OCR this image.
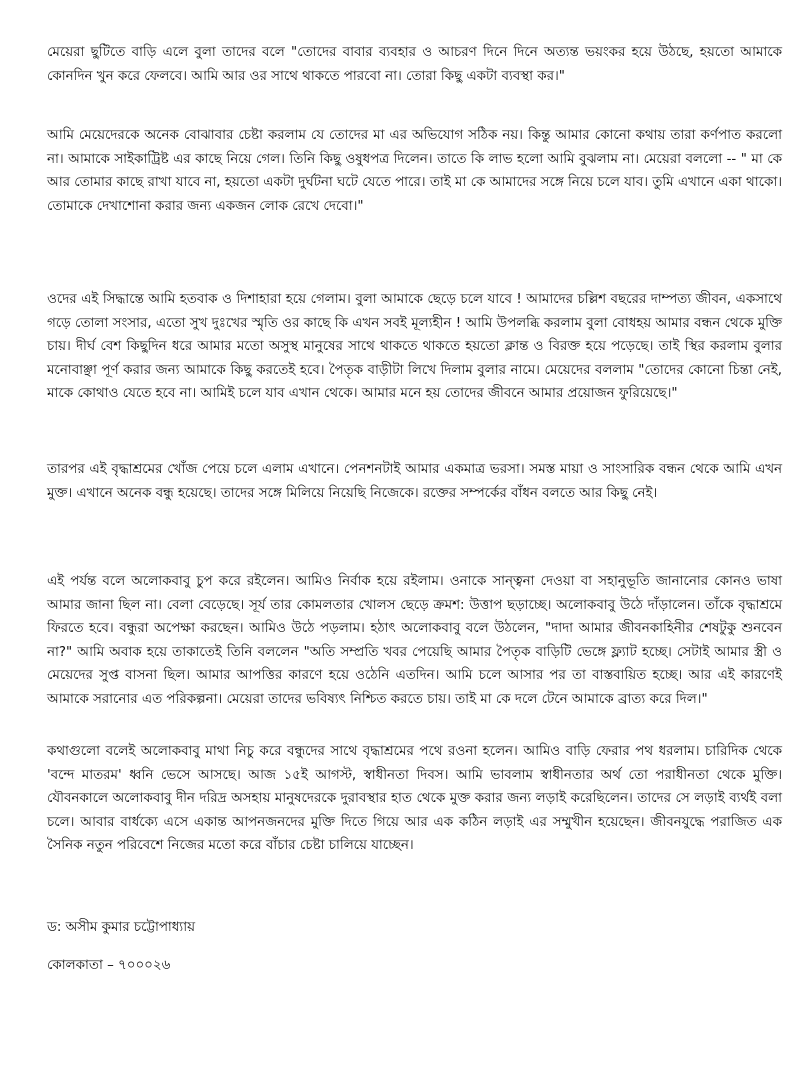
মেয়েরা ছুটিতে বাড়ি এলে বুলা তাদের বলে "তোদের বাবার ব্যবহার ও আচরণ দিনে দিনে অত্যন্ত ভয়ংকর হয়ে উঠছে, হয়তো আমাকে কোনদিন খুন করে ফেলবে। আমি আর ওর সাথে থাকতে পারবো না। তোরা কিছু একটা ব্যবস্থা কর।"

আমি মেয়েদেরকে অনেক বোঝাবার চেষ্টা করলাম যে তোদের মা এর অভিযোগ সঠিক নয়। কিন্তু আমার কোনো কথায় তারা কর্ণপাত করলো না। আমাকে সাইকাট্রিষ্ট এর কাছে নিয়ে গেল। তিনি কিছু ওষুধপত্র দিলেন। তাতে কি লাভ হলো আমি বুঝলাম না। মেয়েরা বললো -- " মা কে আর তোমার কাছে রাখা যাবে না, হয়তো একটা দুর্ঘটনা ঘটে যেতে পারে। তাই মা কে আমাদের সঙ্গে নিয়ে চলে যাব। তুমি এখানে একা থাকো। তোমাকে দেখাশোনা করার জন্য একজন লোক রেখে দেবো।"

ওদের এই সিদ্ধান্তে আমি হতবাক ও দিশাহারা হয়ে গেলাম। বুলা আমাকে ছেড়ে চলে যাবে ! আমাদের চল্লিশ বছরের দাম্পত্য জীবন, একসাথে গড়ে তোলা সংসার, এতো সুখ দুঃখের স্মৃতি ওর কাছে কি এখন সবই মূল্যহীন ! আমি উপলব্ধি করলাম বুলা বোধহয় আমার বন্ধন থেকে মুক্তি চায়। দীর্ঘ বেশ কিছুদিন ধরে আমার মতো অসুস্থ মানুষের সাথে থাকতে থাকতে হয়তো ক্লান্ত ও বিরক্ত হয়ে পড়েছে। তাই স্থির করলাম বুলার মনোবাঞ্ছা পূর্ণ করার জন্য আমাকে কিছু করতেই হবে। পৈতৃক বাড়ীটা লিখে দিলাম বুলার নামে। মেয়েদের বললাম "তোদের কোনো চিন্তা নেই, মাকে কোথাও যেতে হবে না। আমিই চলে যাব এখান থেকে। আমার মনে হয় তোদের জীবনে আমার প্রয়োজন ফুরিয়েছে।"

তারপর এই বৃদ্ধাশ্রমের খোঁজ পেয়ে চলে এলাম এখানে। পেনশনটাই আমার একমাত্র ভরসা। সমস্ত মায়া ও সাংসারিক বন্ধন থেকে আমি এখন মুক্ত। এখানে অনেক বন্ধু হয়েছে। তাদের সঙ্গে মিলিয়ে নিয়েছি নিজেকে। রক্তের সম্পর্কের বাঁধন বলতে আর কিছু নেই।

এই পর্যন্ত বলে অলোকবাবু চুপ করে রইলেন। আমিও নির্বাক হয়ে রইলাম। ওনাকে সান্ত্বনা দেওয়া বা সহানুভূতি জানানোর কোনও ভাষা আমার জানা ছিল না। বেলা বেড়েছে। সূর্য তার কোমলতার খোলস ছেড়ে ক্রমশ: উত্তাপ ছড়াচ্ছে। অলোকবাবু উঠে দাঁড়ালেন। তাঁকে বৃদ্ধাশ্রমে ফিরতে হবে। বন্ধুরা অপেক্ষা করছেন। আমিও উঠে পড়লাম। হঠাৎ অলোকবাবু বলে উঠলেন, "দাদা আমার জীবনকাহিনীর শেষটুকু শুনবেন না?" আমি অবাক হয়ে তাকাতেই তিনি বললেন "অতি সম্প্রতি খবর পেয়েছি আমার পৈতৃক বাড়িটি ভেঙ্গে ফ্ল্যাট হচ্ছে। সেটাই আমার স্ত্রী ও মেয়েদের সুপ্ত বাসনা ছিল। আমার আপত্তির কারণে হয়ে ওঠেনি এতদিন। আমি চলে আসার পর তা বাস্তবায়িত হচ্ছে। আর এই কারণেই আমাকে সরানোর এত পরিকল্পনা। মেয়েরা তাদের ভবিষ্যৎ নিশ্চিত করতে চায়। তাই মা কে দলে টেনে আমাকে ব্রাত্য করে দিল।"

কথাগুলো বলেই অলোকবাবু মাথা নিচু করে বন্ধুদের সাথে বৃদ্ধাশ্রমের পথে রওনা হলেন। আমিও বাড়ি ফেরার পথ ধরলাম। চারিদিক থেকে 'বন্দে মাতরম' ধ্বনি ভেসে আসছে। আজ ১৫ই আগস্ট, স্বাধীনতা দিবস। আমি ভাবলাম স্বাধীনতার অর্থ তো পরাধীনতা থেকে মুক্তি। যৌবনকালে অলোকবাবু দীন দরিদ্র অসহায় মানুষদেরকে দুরাবস্থার হাত থেকে মুক্ত করার জন্য লড়াই করেছিলেন। তাদের সে লড়াই ব্যর্থই বলা চলে। আবার বার্ধক্যে এসে একান্ত আপনজনদের মুক্তি দিতে গিয়ে আর এক কঠিন লড়াই এর সম্মুখীন হয়েছেন। জীবনযুদ্ধে পরাজিত এক সৈনিক নতুন পরিবেশে নিজের মতো করে বাঁচার চেষ্টা চালিয়ে যাচ্ছেন।

ড: অসীম কুমার চট্টোপাধ্যায়

কোলকাতা – ৭০০০২৬
